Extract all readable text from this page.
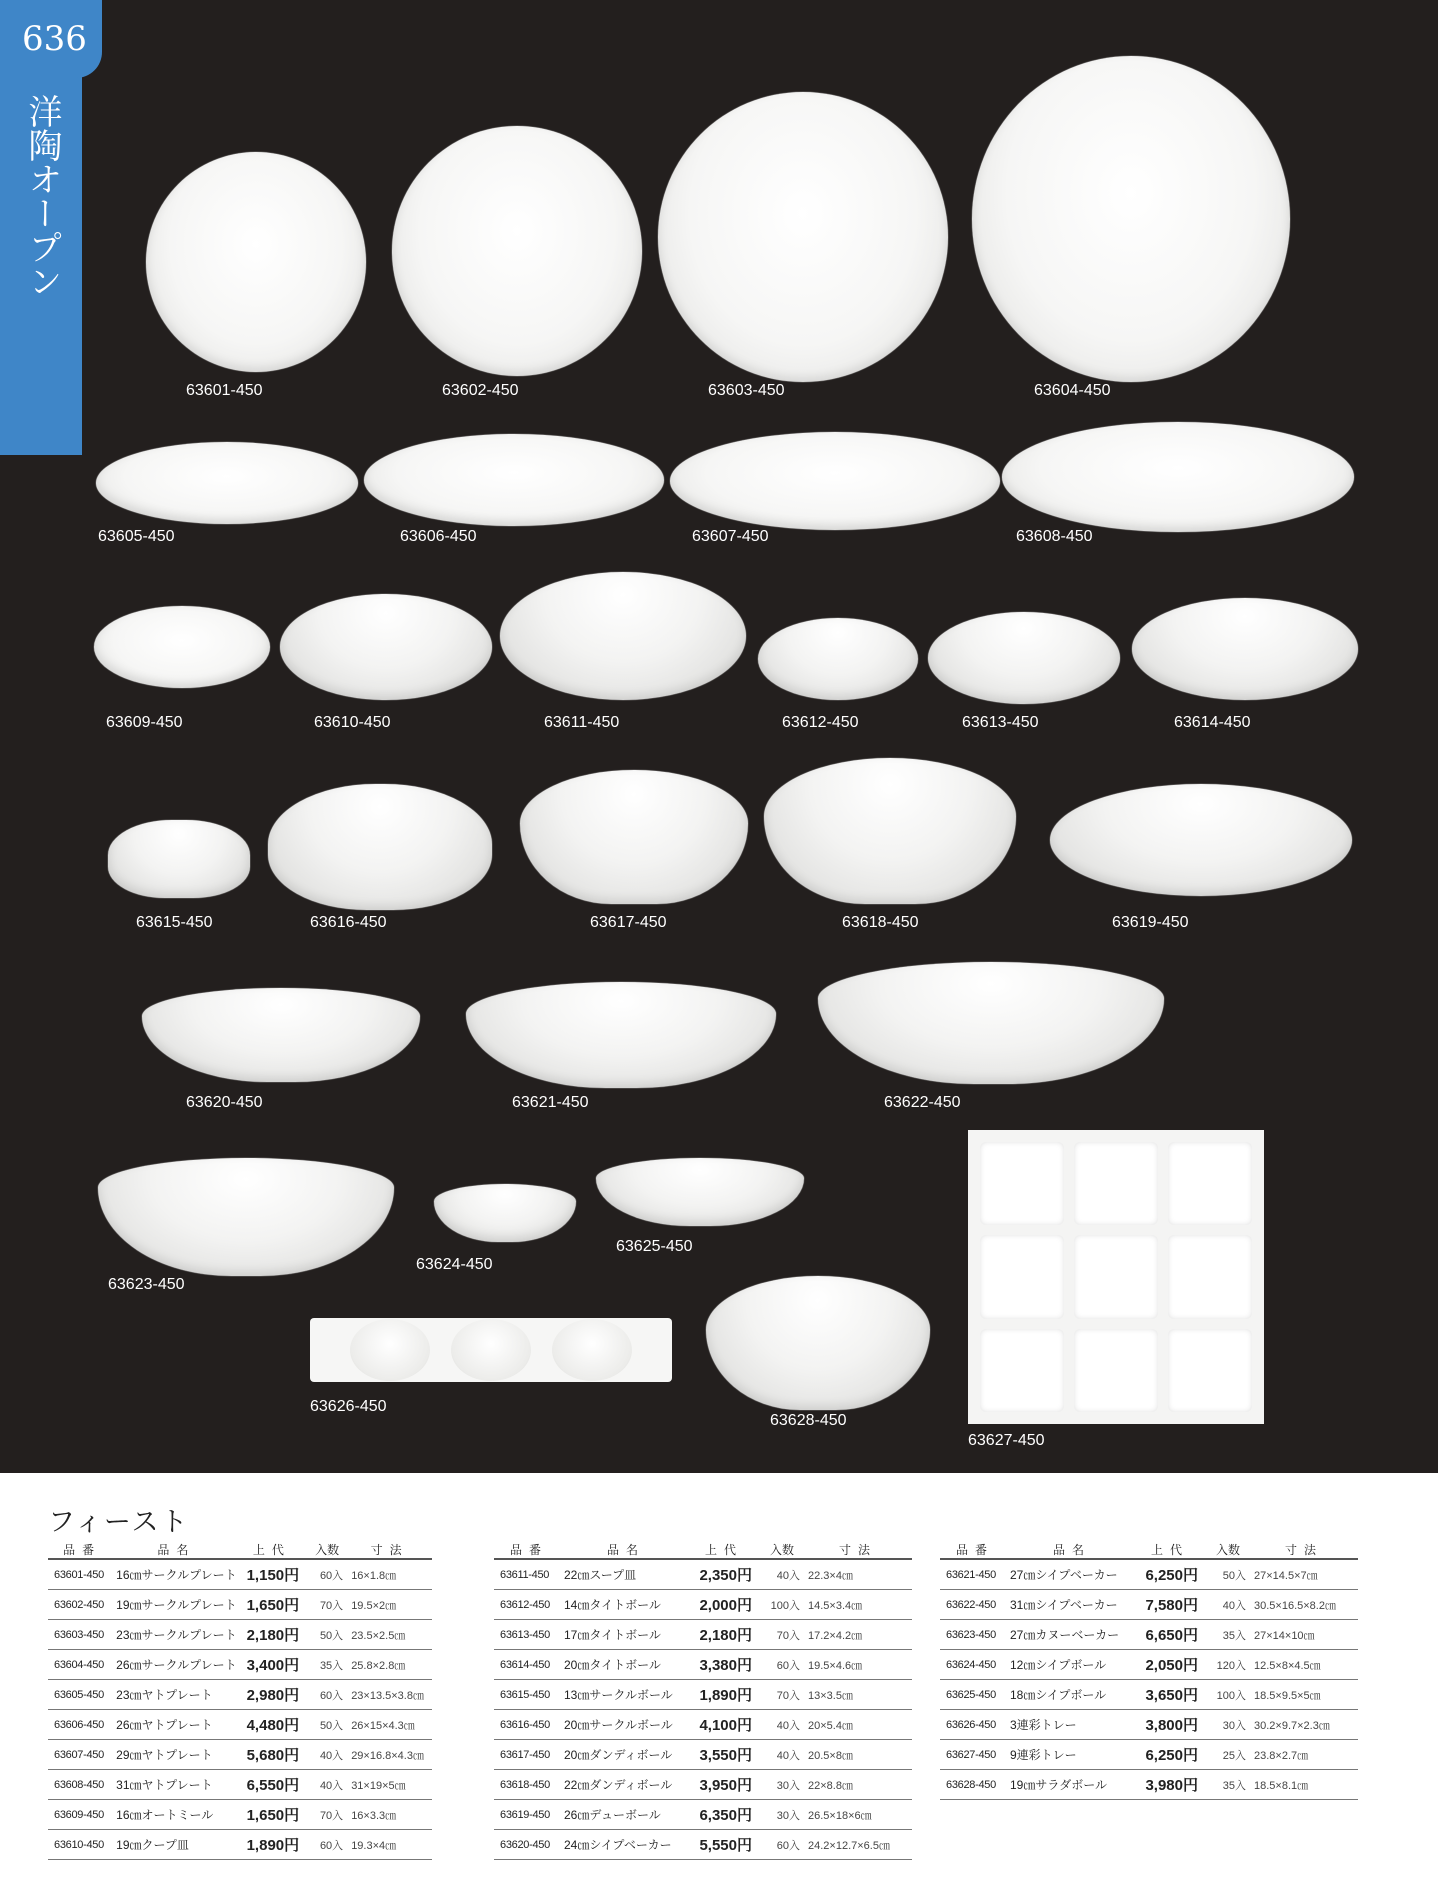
63601-450	63602-450	63603-450	63604-450
63605-450	63606-450	63607-450	63608-450
63609-450	63610-450	63611-450	63612-450	63613-450	63614-450
63615-450	63616-450	63617-450	63618-450	63619-450
63620-450	63621-450	63622-450
63623-450
63624-450
63625-450
63627-450
63626-450
63628-450
636
洋陶オープン
フィースト
品番	品名	上代	入数	寸法
63601-450	16㎝サークルプレート	1,150円	60入	16×1.8㎝
63602-450	19㎝サークルプレート	1,650円	70入	19.5×2㎝
63603-450	23㎝サークルプレート	2,180円	50入	23.5×2.5㎝
63604-450	26㎝サークルプレート	3,400円	35入	25.8×2.8㎝
63605-450	23㎝ヤトプレート	2,980円	60入	23×13.5×3.8㎝
63606-450	26㎝ヤトプレート	4,480円	50入	26×15×4.3㎝
63607-450	29㎝ヤトプレート	5,680円	40入	29×16.8×4.3㎝
63608-450	31㎝ヤトプレート	6,550円	40入	31×19×5㎝
63609-450	16㎝オートミール	1,650円	70入	16×3.3㎝
63610-450	19㎝クープ皿	1,890円	60入	19.3×4㎝
品番	品名	上代	入数	寸法
63611-450	22㎝スープ皿	2,350円	40入	22.3×4㎝
63612-450	14㎝タイトボール	2,000円	100入	14.5×3.4㎝
63613-450	17㎝タイトボール	2,180円	70入	17.2×4.2㎝
63614-450	20㎝タイトボール	3,380円	60入	19.5×4.6㎝
63615-450	13㎝サークルボール	1,890円	70入	13×3.5㎝
63616-450	20㎝サークルボール	4,100円	40入	20×5.4㎝
63617-450	20㎝ダンディボール	3,550円	40入	20.5×8㎝
63618-450	22㎝ダンディボール	3,950円	30入	22×8.8㎝
63619-450	26㎝デューボール	6,350円	30入	26.5×18×6㎝
63620-450	24㎝シイプベーカー	5,550円	60入	24.2×12.7×6.5㎝
品番	品名	上代	入数	寸法
63621-450	27㎝シイプベーカー	6,250円	50入	27×14.5×7㎝
63622-450	31㎝シイプベーカー	7,580円	40入	30.5×16.5×8.2㎝
63623-450	27㎝カヌーベーカー	6,650円	35入	27×14×10㎝
63624-450	12㎝シイプボール	2,050円	120入	12.5×8×4.5㎝
63625-450	18㎝シイプボール	3,650円	100入	18.5×9.5×5㎝
63626-450	3連彩トレー	3,800円	30入	30.2×9.7×2.3㎝
63627-450	9連彩トレー	6,250円	25入	23.8×2.7㎝
63628-450	19㎝サラダボール	3,980円	35入	18.5×8.1㎝
